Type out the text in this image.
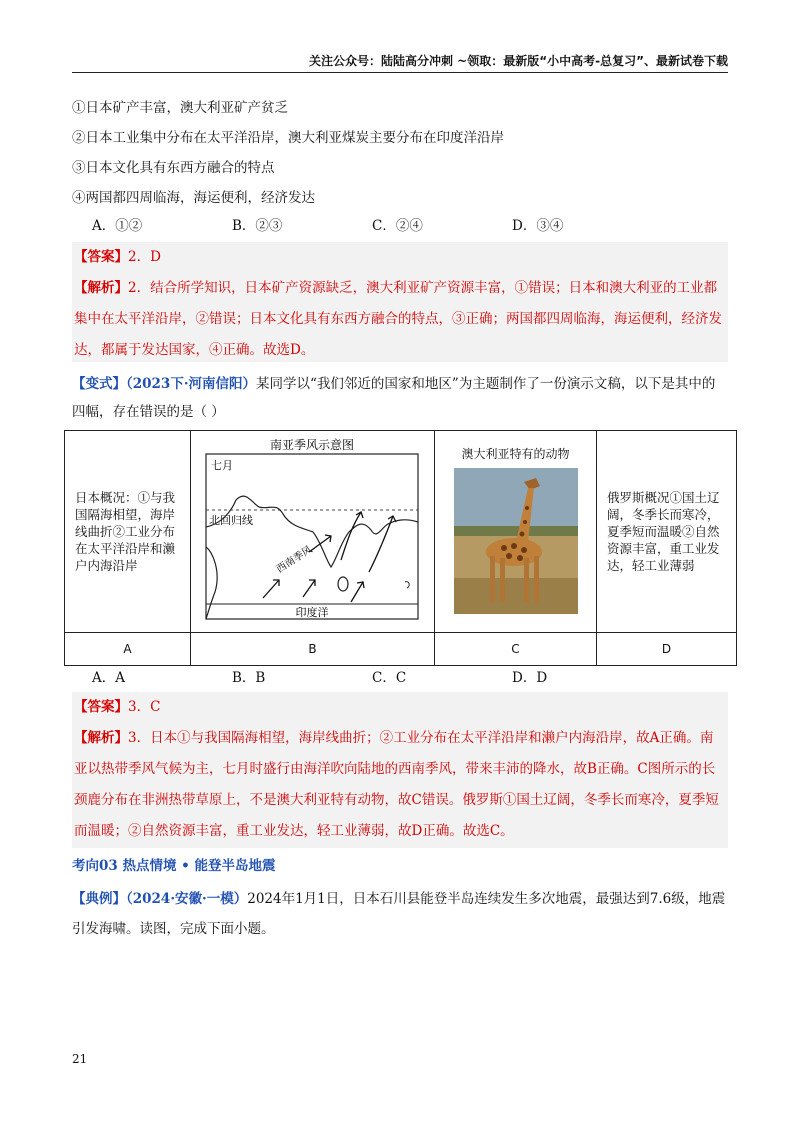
关注公众号：陆陆高分冲刺 ~领取：最新版“小中高考-总复习”、最新试卷下载
①日本矿产丰富，澳大利亚矿产贫乏
②日本工业集中分布在太平洋沿岸，澳大利亚煤炭主要分布在印度洋沿岸
③日本文化具有东西方融合的特点
④两国都四周临海，海运便利，经济发达
A．①②	B．②③	C．②④	D．③④
【答案】2．D
【解析】2．结合所学知识，日本矿产资源缺乏，澳大利亚矿产资源丰富，①错误；日本和澳大利亚的工业都集中在太平洋沿岸，②错误；日本文化具有东西方融合的特点，③正确；两国都四周临海，海运便利，经济发达，都属于发达国家，④正确。故选D。
【变式】（2023下·河南信阳）某同学以“我们邻近的国家和地区”为主题制作了一份演示文稿，以下是其中的四幅，存在错误的是（ ）
日本概况：①与我国隔海相望，海岸线曲折②工业分布在太平洋沿岸和濑户内海沿岸	南亚季风示意图
七月
北回归线
西南季风
印度洋	澳大利亚特有的动物	俄罗斯概况①国土辽阔，冬季长而寒冷，夏季短而温暖②自然资源丰富，重工业发达，轻工业薄弱
A	B	C	D
A．A	B．B	C．C	D．D
【答案】3．C
【解析】3．日本①与我国隔海相望，海岸线曲折；②工业分布在太平洋沿岸和濑户内海沿岸，故A正确。南亚以热带季风气候为主，七月时盛行由海洋吹向陆地的西南季风，带来丰沛的降水，故B正确。C图所示的长颈鹿分布在非洲热带草原上，不是澳大利亚特有动物，故C错误。俄罗斯①国土辽阔，冬季长而寒冷，夏季短而温暖；②自然资源丰富，重工业发达，轻工业薄弱，故D正确。故选C。
考向03 热点情境 • 能登半岛地震
【典例】（2024·安徽·一模）2024年1月1日，日本石川县能登半岛连续发生多次地震，最强达到7.6级，地震引发海啸。读图，完成下面小题。
21
